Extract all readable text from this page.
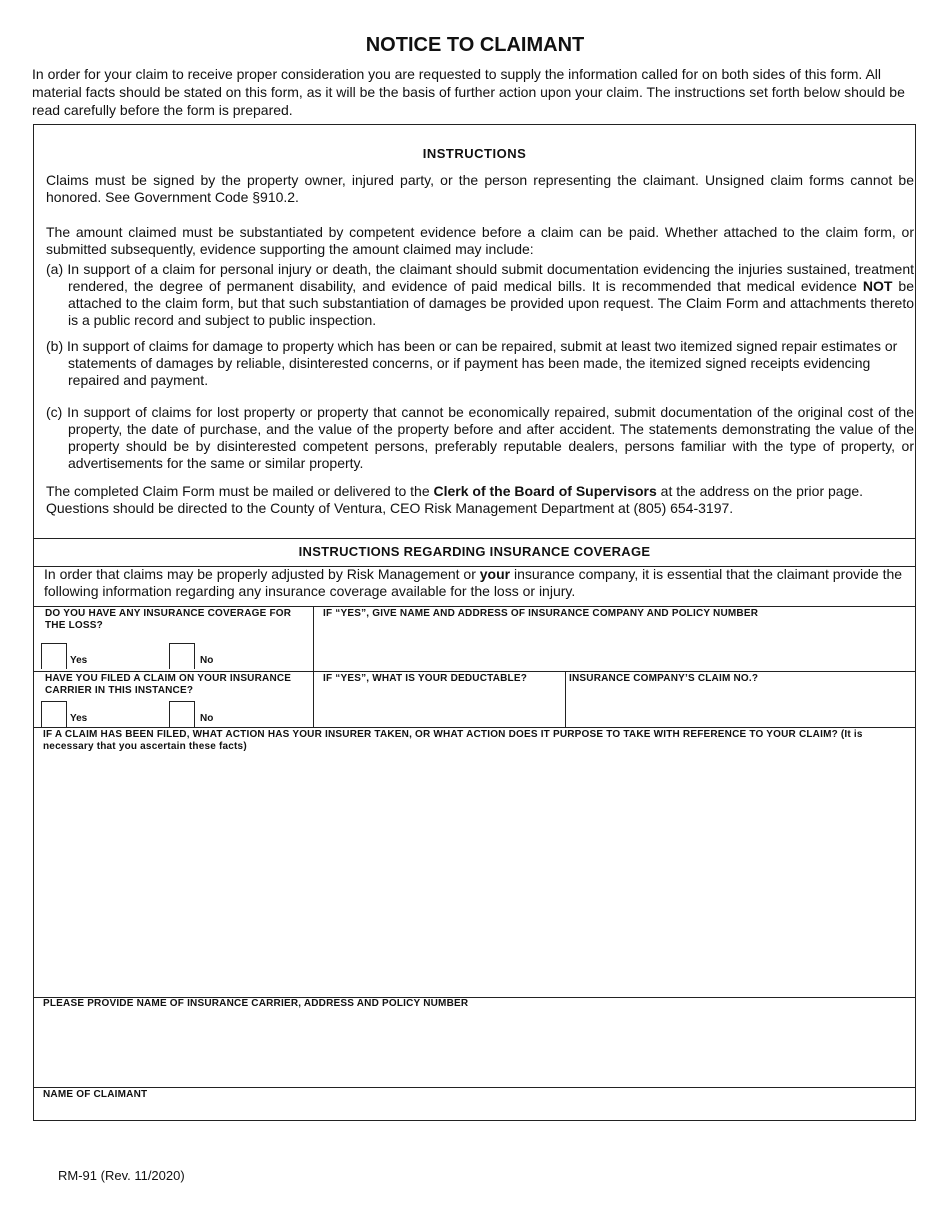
NOTICE TO CLAIMANT

In order for your claim to receive proper consideration you are requested to supply the information called for on both sides of this form. All material facts should be stated on this form, as it will be the basis of further action upon your claim. The instructions set forth below should be read carefully before the form is prepared.

INSTRUCTIONS

Claims must be signed by the property owner, injured party, or the person representing the claimant. Unsigned claim forms cannot be honored. See Government Code §910.2.

The amount claimed must be substantiated by competent evidence before a claim can be paid. Whether attached to the claim form, or submitted subsequently, evidence supporting the amount claimed may include:

(a) In support of a claim for personal injury or death, the claimant should submit documentation evidencing the injuries sustained, treatment rendered, the degree of permanent disability, and evidence of paid medical bills. It is recommended that medical evidence NOT be attached to the claim form, but that such substantiation of damages be provided upon request. The Claim Form and attachments thereto is a public record and subject to public inspection.

(b) In support of claims for damage to property which has been or can be repaired, submit at least two itemized signed repair estimates or statements of damages by reliable, disinterested concerns, or if payment has been made, the itemized signed receipts evidencing repaired and payment.

(c) In support of claims for lost property or property that cannot be economically repaired, submit documentation of the original cost of the property, the date of purchase, and the value of the property before and after accident. The statements demonstrating the value of the property should be by disinterested competent persons, preferably reputable dealers, persons familiar with the type of property, or advertisements for the same or similar property.

The completed Claim Form must be mailed or delivered to the Clerk of the Board of Supervisors at the address on the prior page. Questions should be directed to the County of Ventura, CEO Risk Management Department at (805) 654-3197.

INSTRUCTIONS REGARDING INSURANCE COVERAGE

In order that claims may be properly adjusted by Risk Management or your insurance company, it is essential that the claimant provide the following information regarding any insurance coverage available for the loss or injury.

DO YOU HAVE ANY INSURANCE COVERAGE FOR THE LOSS?
Yes	No
IF “YES”, GIVE NAME AND ADDRESS OF INSURANCE COMPANY AND POLICY NUMBER
HAVE YOU FILED A CLAIM ON YOUR INSURANCE CARRIER IN THIS INSTANCE?
Yes	No
IF “YES”, WHAT IS YOUR DEDUCTABLE?	INSURANCE COMPANY’S CLAIM NO.?
IF A CLAIM HAS BEEN FILED, WHAT ACTION HAS YOUR INSURER TAKEN, OR WHAT ACTION DOES IT PURPOSE TO TAKE WITH REFERENCE TO YOUR CLAIM? (It is necessary that you ascertain these facts)
PLEASE PROVIDE NAME OF INSURANCE CARRIER, ADDRESS AND POLICY NUMBER
NAME OF CLAIMANT
RM-91 (Rev. 11/2020)
